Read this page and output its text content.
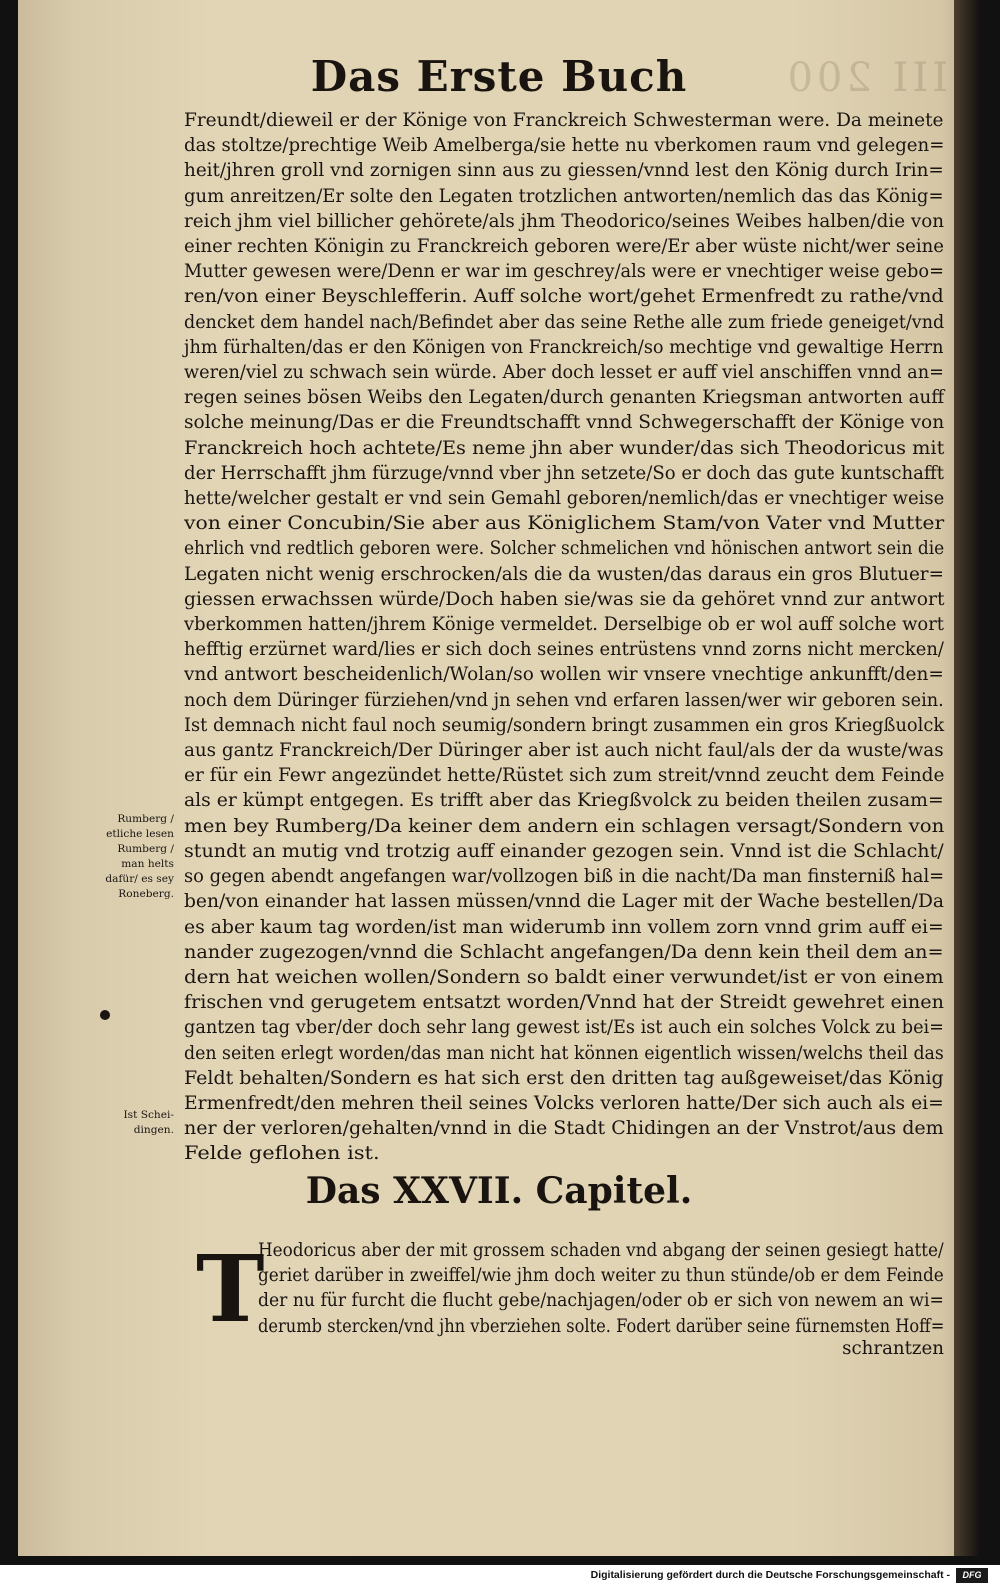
III 200
Das Erste Buch
Freundt/dieweil er der Könige von Franckreich Schwesterman were. Da meinete
das stoltze/prechtige Weib Amelberga/sie hette nu vberkomen raum vnd gelegen=
heit/jhren groll vnd zornigen sinn aus zu giessen/vnnd lest den König durch Irin=
gum anreitzen/Er solte den Legaten trotzlichen antworten/nemlich das das König=
reich jhm viel billicher gehörete/als jhm Theodorico/seines Weibes halben/die von
einer rechten Königin zu Franckreich geboren were/Er aber wüste nicht/wer seine
Mutter gewesen were/Denn er war im geschrey/als were er vnechtiger weise gebo=
ren/von einer Beyschlefferin. Auff solche wort/gehet Ermenfredt zu rathe/vnd
dencket dem handel nach/Befindet aber das seine Rethe alle zum friede geneiget/vnd
jhm fürhalten/das er den Königen von Franckreich/so mechtige vnd gewaltige Herrn
weren/viel zu schwach sein würde. Aber doch lesset er auff viel anschiffen vnnd an=
regen seines bösen Weibs den Legaten/durch genanten Kriegsman antworten auff
solche meinung/Das er die Freundtschafft vnnd Schwegerschafft der Könige von
Franckreich hoch achtete/Es neme jhn aber wunder/das sich Theodoricus mit
der Herrschafft jhm fürzuge/vnnd vber jhn setzete/So er doch das gute kuntschafft
hette/welcher gestalt er vnd sein Gemahl geboren/nemlich/das er vnechtiger weise
von einer Concubin/Sie aber aus Königlichem Stam/von Vater vnd Mutter
ehrlich vnd redtlich geboren were. Solcher schmelichen vnd hönischen antwort sein die
Legaten nicht wenig erschrocken/als die da wusten/das daraus ein gros Blutuer=
giessen erwachssen würde/Doch haben sie/was sie da gehöret vnnd zur antwort
vberkommen hatten/jhrem Könige vermeldet. Derselbige ob er wol auff solche wort
hefftig erzürnet ward/lies er sich doch seines entrüstens vnnd zorns nicht mercken/
vnd antwort bescheidenlich/Wolan/so wollen wir vnsere vnechtige ankunfft/den=
noch dem Düringer fürziehen/vnd jn sehen vnd erfaren lassen/wer wir geboren sein.
Ist demnach nicht faul noch seumig/sondern bringt zusammen ein gros Kriegßuolck
aus gantz Franckreich/Der Düringer aber ist auch nicht faul/als der da wuste/was
er für ein Fewr angezündet hette/Rüstet sich zum streit/vnnd zeucht dem Feinde
als er kümpt entgegen. Es trifft aber das Kriegßvolck zu beiden theilen zusam=
men bey Rumberg/Da keiner dem andern ein schlagen versagt/Sondern von
stundt an mutig vnd trotzig auff einander gezogen sein. Vnnd ist die Schlacht/
so gegen abendt angefangen war/vollzogen biß in die nacht/Da man finsterniß hal=
ben/von einander hat lassen müssen/vnnd die Lager mit der Wache bestellen/Da
es aber kaum tag worden/ist man widerumb inn vollem zorn vnnd grim auff ei=
nander zugezogen/vnnd die Schlacht angefangen/Da denn kein theil dem an=
dern hat weichen wollen/Sondern so baldt einer verwundet/ist er von einem
frischen vnd gerugetem entsatzt worden/Vnnd hat der Streidt gewehret einen
gantzen tag vber/der doch sehr lang gewest ist/Es ist auch ein solches Volck zu bei=
den seiten erlegt worden/das man nicht hat können eigentlich wissen/welchs theil das
Feldt behalten/Sondern es hat sich erst den dritten tag außgeweiset/das König
Ermenfredt/den mehren theil seines Volcks verloren hatte/Der sich auch als ei=
ner der verloren/gehalten/vnnd in die Stadt Chidingen an der Vnstrot/aus dem
Felde geflohen ist.
Rumberg /
etliche lesen
Rumberg /
man helts
dafür/ es sey
Roneberg.
Ist Schei-
dingen.
Das XXVII. Capitel.
T
Heodoricus aber der mit grossem schaden vnd abgang der seinen gesiegt hatte/
geriet darüber in zweiffel/wie jhm doch weiter zu thun stünde/ob er dem Feinde
der nu für furcht die flucht gebe/nachjagen/oder ob er sich von newem an wi=
derumb stercken/vnd jhn vberziehen solte. Fodert darüber seine fürnemsten Hoff=
schrantzen
Digitalisierung gefördert durch die Deutsche Forschungsgemeinschaft -	DFG
